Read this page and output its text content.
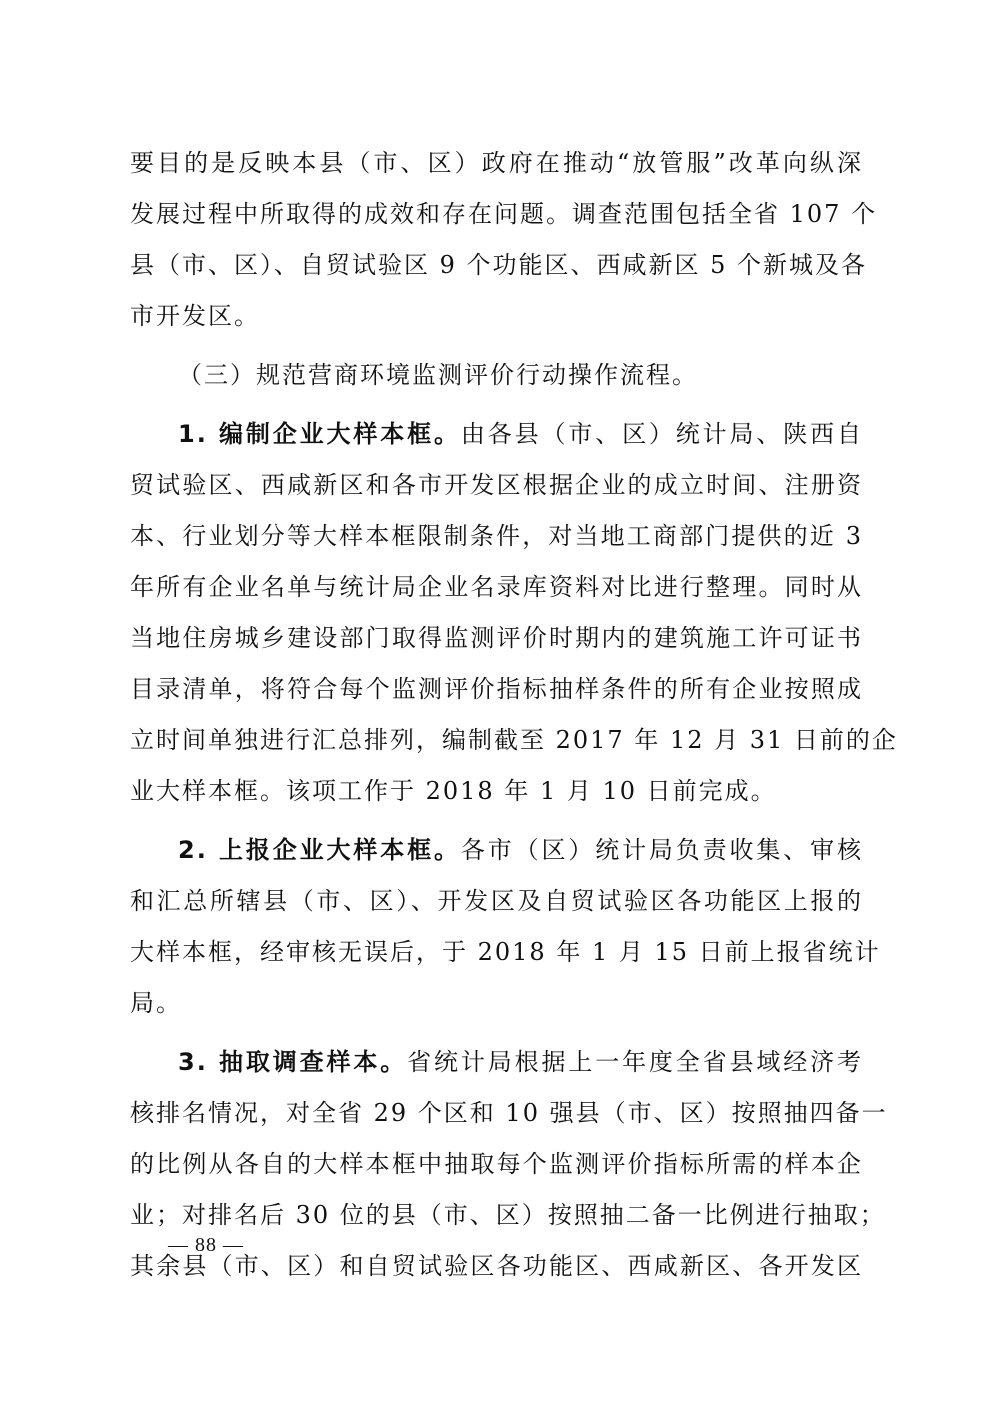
要目的是反映本县（市、区）政府在推动“放管服”改革向纵深
发展过程中所取得的成效和存在问题。调查范围包括全省 107 个
县（市、区）、自贸试验区 9 个功能区、西咸新区 5 个新城及各
市开发区。
（三）规范营商环境监测评价行动操作流程。
1. 编制企业大样本框。由各县（市、区）统计局、陕西自
贸试验区、西咸新区和各市开发区根据企业的成立时间、注册资
本、行业划分等大样本框限制条件，对当地工商部门提供的近 3
年所有企业名单与统计局企业名录库资料对比进行整理。同时从
当地住房城乡建设部门取得监测评价时期内的建筑施工许可证书
目录清单，将符合每个监测评价指标抽样条件的所有企业按照成
立时间单独进行汇总排列，编制截至 2017 年 12 月 31 日前的企
业大样本框。该项工作于 2018 年 1 月 10 日前完成。
2. 上报企业大样本框。各市（区）统计局负责收集、审核
和汇总所辖县（市、区）、开发区及自贸试验区各功能区上报的
大样本框，经审核无误后，于 2018 年 1 月 15 日前上报省统计
局。
3. 抽取调查样本。省统计局根据上一年度全省县域经济考
核排名情况，对全省 29 个区和 10 强县（市、区）按照抽四备一
的比例从各自的大样本框中抽取每个监测评价指标所需的样本企
业；对排名后 30 位的县（市、区）按照抽二备一比例进行抽取；
其余县（市、区）和自贸试验区各功能区、西咸新区、各开发区
— 88 —
